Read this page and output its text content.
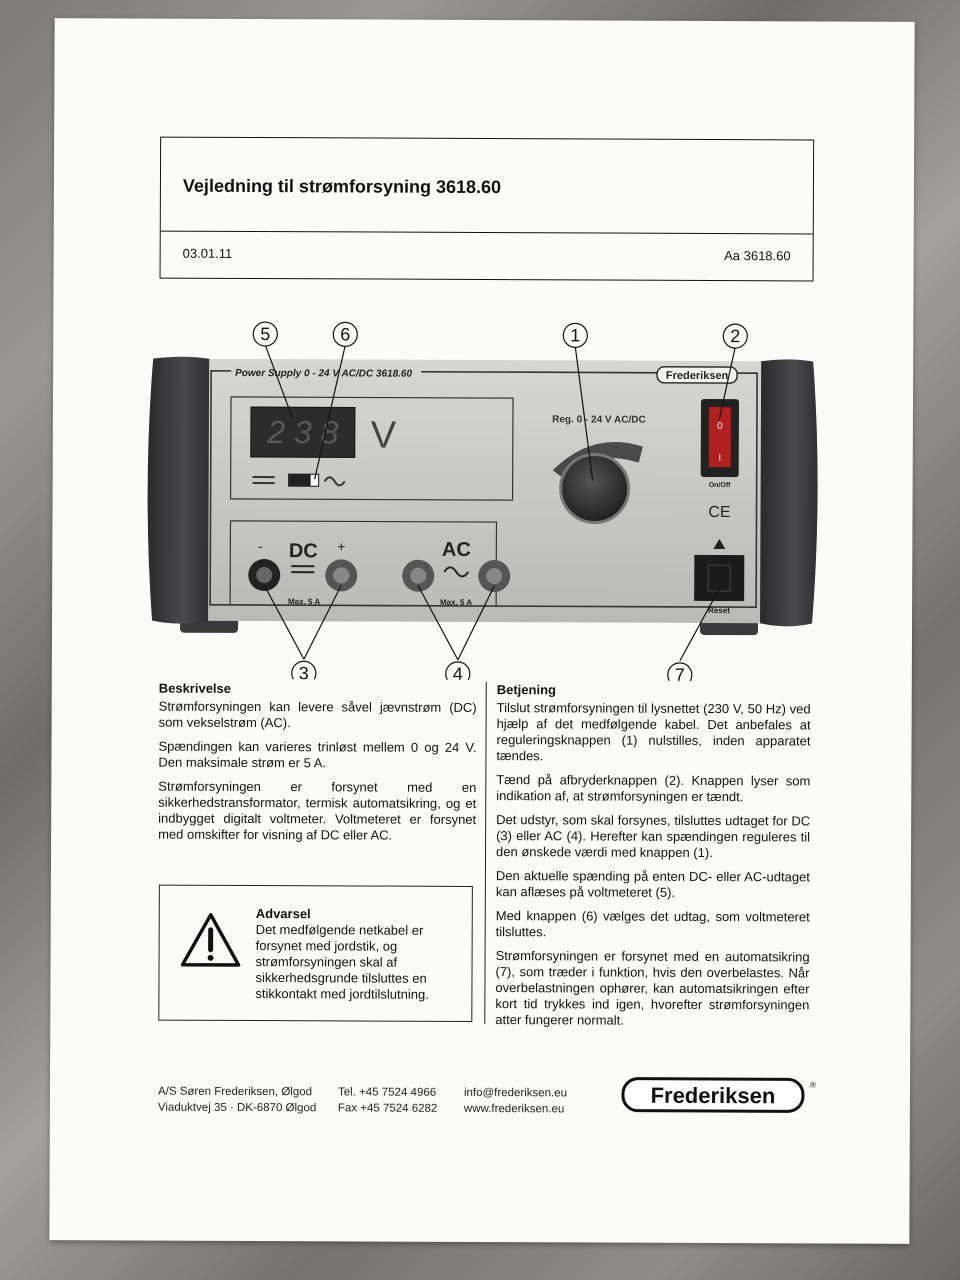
Vejledning til strømforsyning 3618.60
03.01.11	Aa 3618.60
Power Supply 0 - 24 V AC/DC 3618.60	Frederiksen
2 3 8 V	Reg. 0 - 24 V AC/DC
0
I
On/Off
CE
Reset
- DC +
Max. 5 A
AC
Max. 5 A
1	2
3	4
5	6
7
Beskrivelse

Strømforsyningen kan levere såvel jævnstrøm (DC) som vekselstrøm (AC).

Spændingen kan varieres trinløst mellem 0 og 24 V. Den maksimale strøm er 5 A.

Strømforsyningen er forsynet med en sikkerhedstransformator, termisk automatsikring, og et indbygget digitalt voltmeter. Voltmeteret er forsynet med omskifter for visning af DC eller AC.

Advarsel
Det medfølgende netkabel er forsynet med jordstik, og strømforsyningen skal af sikkerhedsgrunde tilsluttes en stikkontakt med jordtilslutning.
Betjening

Tilslut strømforsyningen til lysnettet (230 V, 50 Hz) ved hjælp af det medfølgende kabel. Det anbefales at reguleringsknappen (1) nulstilles, inden apparatet tændes.

Tænd på afbryderknappen (2). Knappen lyser som indikation af, at strømforsyningen er tændt.

Det udstyr, som skal forsynes, tilsluttes udtaget for DC (3) eller AC (4). Herefter kan spændingen reguleres til den ønskede værdi med knappen (1).

Den aktuelle spænding på enten DC- eller AC-udtaget kan aflæses på voltmeteret (5).

Med knappen (6) vælges det udtag, som voltmeteret tilsluttes.

Strømforsyningen er forsynet med en automatsikring (7), som træder i funktion, hvis den overbelastes. Når overbelastningen ophører, kan automatsikringen efter kort tid trykkes ind igen, hvorefter strømforsyningen atter fungerer normalt.

A/S Søren Frederiksen, Ølgod
Viaduktvej 35 · DK-6870 Ølgod
Tel. +45 7524 4966
Fax +45 7524 6282
info@frederiksen.eu
www.frederiksen.eu
Frederiksen	®
